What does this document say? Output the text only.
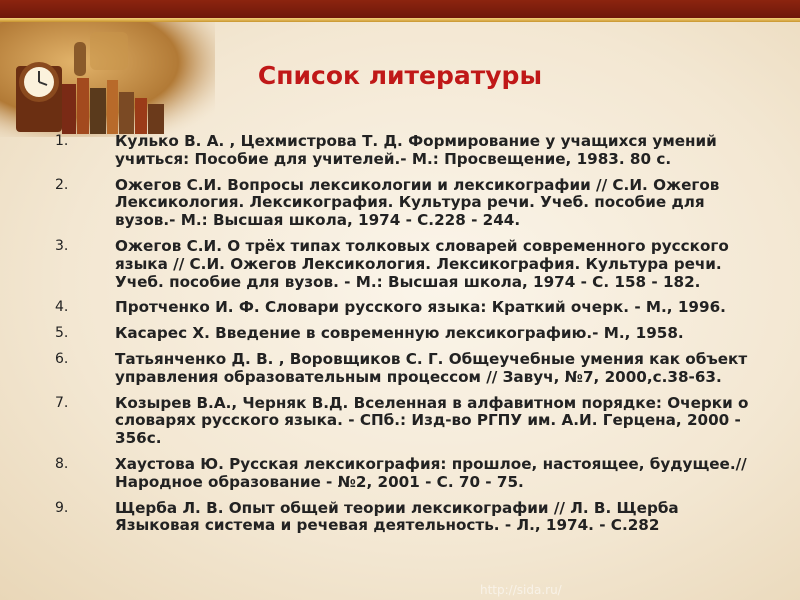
Список литературы
1.	Кулько В. А. , Цехмистрова Т. Д. Формирование у учащихся умений учиться: Пособие для учителей.- М.: Просвещение, 1983. 80 с.
2.	Ожегов С.И. Вопросы лексикологии и лексикографии // С.И. Ожегов Лексикология. Лексикография. Культура речи. Учеб. пособие для вузов.- М.: Высшая школа, 1974 - С.228 - 244.
3.	Ожегов С.И. О трёх типах толковых словарей современного русского языка // С.И. Ожегов Лексикология. Лексикография. Культура речи. Учеб. пособие для вузов. - М.: Высшая школа, 1974 - С. 158 - 182.
4.	Протченко И. Ф. Словари русского языка: Краткий очерк. - М., 1996.
5.	Касарес Х. Введение в современную лексикографию.- М., 1958.
6.	Татьянченко Д. В. , Воровщиков С. Г. Общеучебные умения как объект управления образовательным процессом // Завуч, №7, 2000,с.38-63.
7.	Козырев В.А., Черняк В.Д. Вселенная в алфавитном порядке: Очерки о словарях русского языка. - СПб.: Изд-во РГПУ им. А.И. Герцена, 2000 - 356с.
8.	Хаустова Ю. Русская лексикография: прошлое, настоящее, будущее.// Народное образование - №2, 2001 - С. 70 - 75.
9.	Щерба Л. В. Опыт общей теории лексикографии // Л. В. Щерба Языковая система и речевая деятельность. - Л., 1974. - С.282
http://sida.ru/
